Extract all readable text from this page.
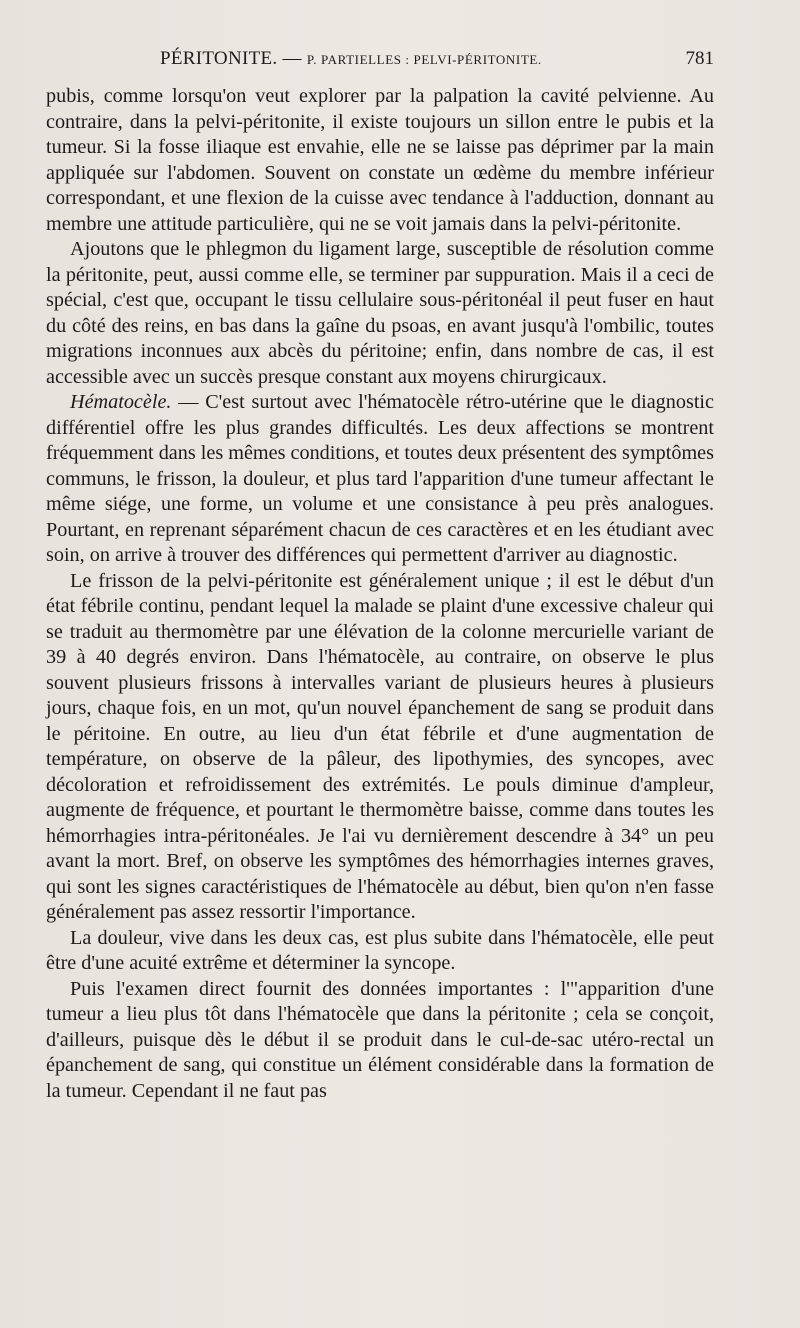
PÉRITONITE. — P. PARTIELLES : PELVI-PÉRITONITE.	781

pubis, comme lorsqu'on veut explorer par la palpation la cavité pelvienne. Au contraire, dans la pelvi-péritonite, il existe toujours un sillon entre le pubis et la tumeur. Si la fosse iliaque est envahie, elle ne se laisse pas déprimer par la main appliquée sur l'abdomen. Souvent on constate un œdème du membre inférieur correspondant, et une flexion de la cuisse avec tendance à l'adduction, donnant au membre une attitude particulière, qui ne se voit jamais dans la pelvi-péritonite.

Ajoutons que le phlegmon du ligament large, susceptible de résolution comme la péritonite, peut, aussi comme elle, se terminer par suppuration. Mais il a ceci de spécial, c'est que, occupant le tissu cellulaire sous-péritonéal il peut fuser en haut du côté des reins, en bas dans la gaîne du psoas, en avant jusqu'à l'ombilic, toutes migrations inconnues aux abcès du péritoine; enfin, dans nombre de cas, il est accessible avec un succès presque constant aux moyens chirurgicaux.

Hématocèle. — C'est surtout avec l'hématocèle rétro-utérine que le diagnostic différentiel offre les plus grandes difficultés. Les deux affections se montrent fréquemment dans les mêmes conditions, et toutes deux présentent des symptômes communs, le frisson, la douleur, et plus tard l'apparition d'une tumeur affectant le même siége, une forme, un volume et une consistance à peu près analogues. Pourtant, en reprenant séparément chacun de ces caractères et en les étudiant avec soin, on arrive à trouver des différences qui permettent d'arriver au diagnostic.

Le frisson de la pelvi-péritonite est généralement unique ; il est le début d'un état fébrile continu, pendant lequel la malade se plaint d'une excessive chaleur qui se traduit au thermomètre par une élévation de la colonne mercurielle variant de 39 à 40 degrés environ. Dans l'hématocèle, au contraire, on observe le plus souvent plusieurs frissons à intervalles variant de plusieurs heures à plusieurs jours, chaque fois, en un mot, qu'un nouvel épanchement de sang se produit dans le péritoine. En outre, au lieu d'un état fébrile et d'une augmentation de température, on observe de la pâleur, des lipothymies, des syncopes, avec décoloration et refroidissement des extrémités. Le pouls diminue d'ampleur, augmente de fréquence, et pourtant le thermomètre baisse, comme dans toutes les hémorrhagies intra-péritonéales. Je l'ai vu dernièrement descendre à 34° un peu avant la mort. Bref, on observe les symptômes des hémorrhagies internes graves, qui sont les signes caractéristiques de l'hématocèle au début, bien qu'on n'en fasse généralement pas assez ressortir l'importance.

La douleur, vive dans les deux cas, est plus subite dans l'hématocèle, elle peut être d'une acuité extrême et déterminer la syncope.

Puis l'examen direct fournit des données importantes : l'"apparition d'une tumeur a lieu plus tôt dans l'hématocèle que dans la péritonite ; cela se conçoit, d'ailleurs, puisque dès le début il se produit dans le cul-de-sac utéro-rectal un épanchement de sang, qui constitue un élément considérable dans la formation de la tumeur. Cependant il ne faut pas
